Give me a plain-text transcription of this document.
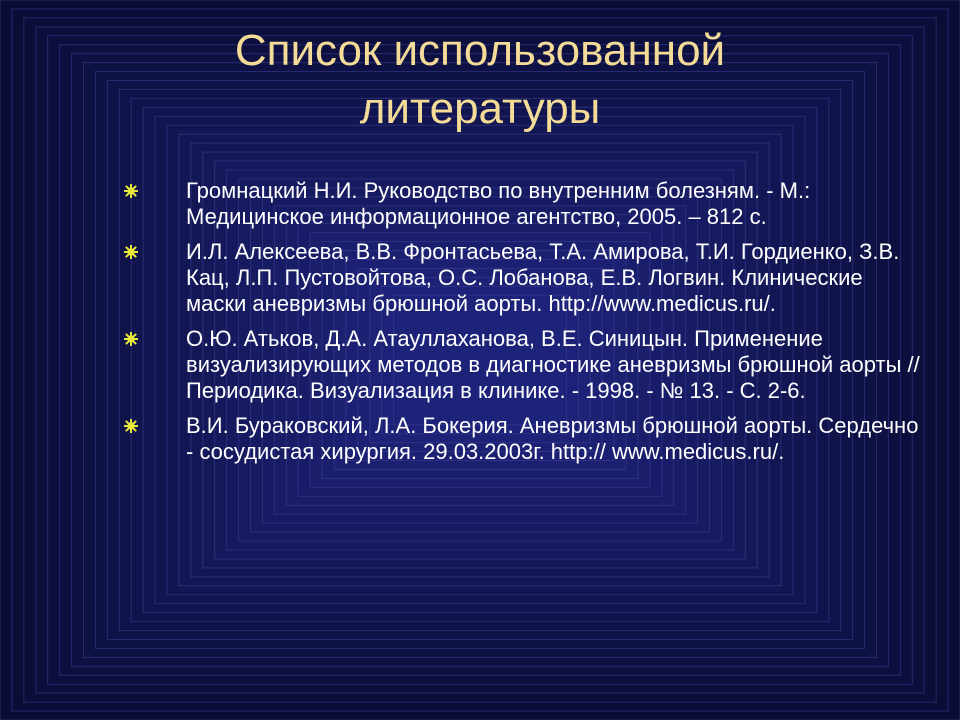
Список использованной
литературы
Громнацкий Н.И. Руководство по внутренним болезням. - М.: Медицинское информационное агентство, 2005. – 812 с.
И.Л. Алексеева, В.В. Фронтасьева, Т.А. Амирова, Т.И. Гордиенко, З.В. Кац, Л.П. Пустовойтова, О.С. Лобанова, Е.В. Логвин. Клинические маски аневризмы брюшной аорты. http://www.medicus.ru/.
О.Ю. Атьков, Д.А. Атауллаханова, В.Е. Синицын. Применение визуализирующих методов в диагностике аневризмы брюшной аорты // Периодика. Визуализация в клинике. - 1998. - № 13. - С. 2-6.
В.И. Бураковский, Л.А. Бокерия. Аневризмы брюшной аорты. Сердечно - сосудистая хирургия. 29.03.2003г. http:// www.medicus.ru/.
